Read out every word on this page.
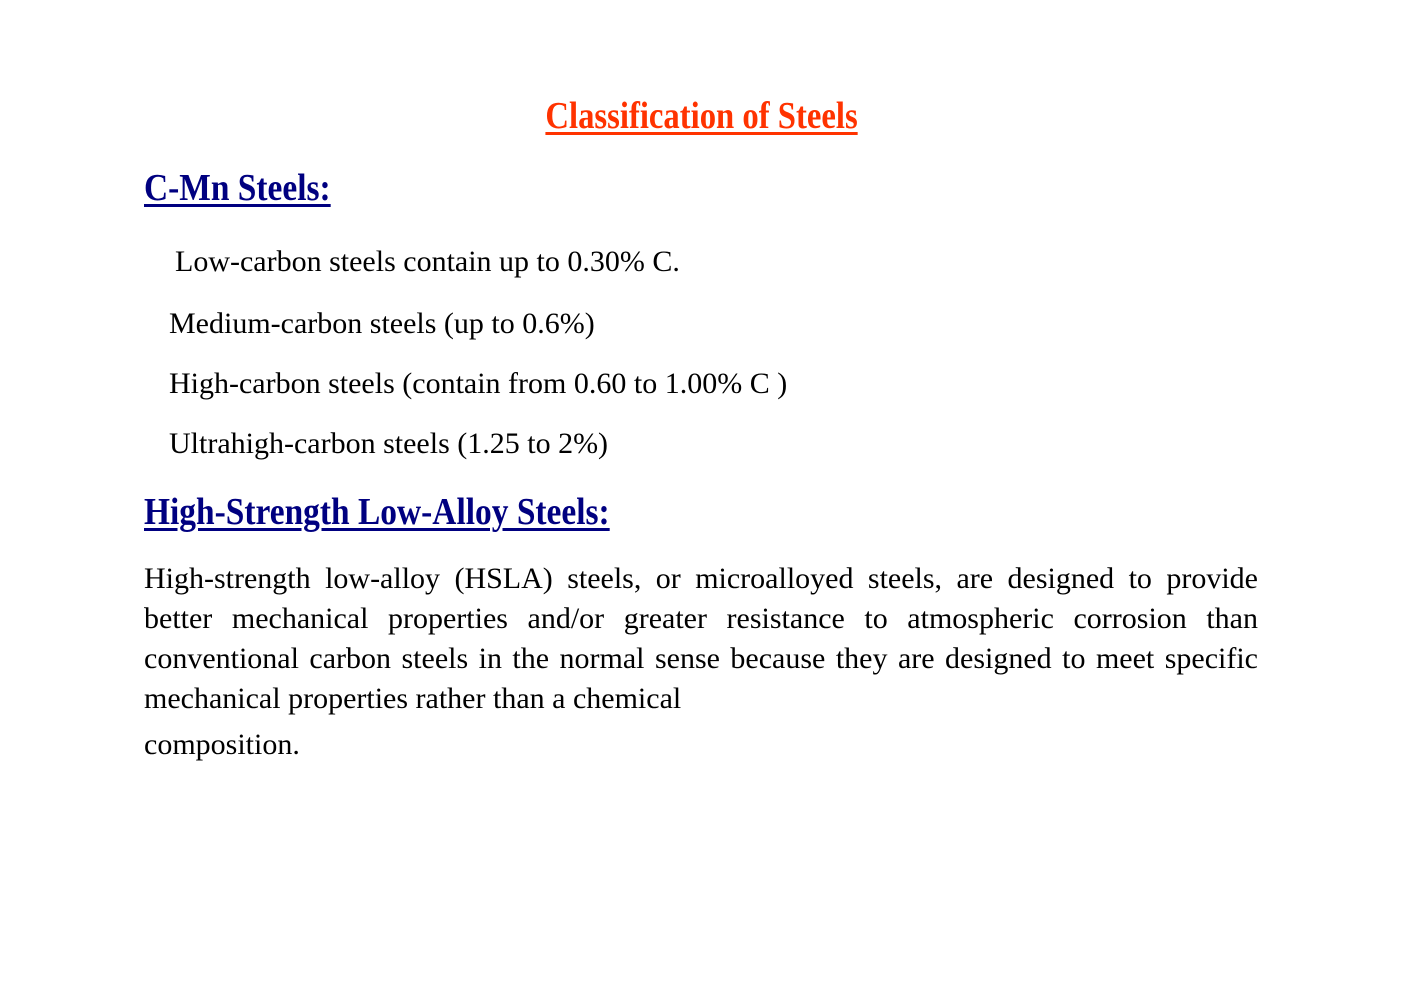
Classification of Steels
C-Mn Steels:
Low-carbon steels contain up to 0.30% C.
Medium-carbon steels (up to 0.6%)
High-carbon steels (contain from 0.60 to 1.00% C )
Ultrahigh-carbon steels (1.25 to 2%)
High-Strength Low-Alloy Steels:
High-strength low-alloy (HSLA) steels, or microalloyed steels, are designed to provide better mechanical properties and/or greater resistance to atmospheric corrosion than conventional carbon steels in the normal sense because they are designed to meet specific mechanical properties rather than a chemical
composition.
